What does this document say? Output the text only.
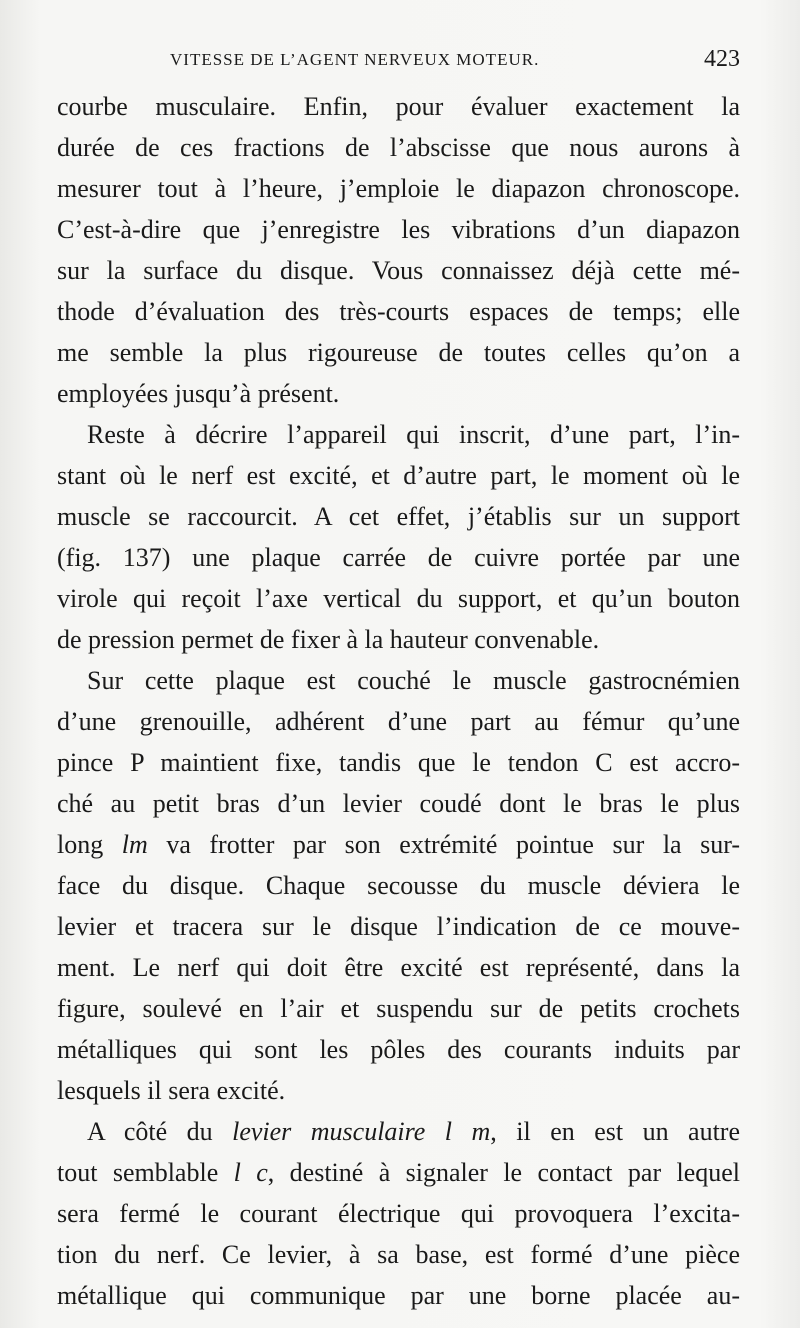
VITESSE DE L’AGENT NERVEUX MOTEUR.	423
courbe musculaire. Enfin, pour évaluer exactement la
durée de ces fractions de l’abscisse que nous aurons à
mesurer tout à l’heure, j’emploie le diapazon chronoscope.
C’est-à-dire que j’enregistre les vibrations d’un diapazon
sur la surface du disque. Vous connaissez déjà cette mé-
thode d’évaluation des très-courts espaces de temps; elle
me semble la plus rigoureuse de toutes celles qu’on a
employées jusqu’à présent.
Reste à décrire l’appareil qui inscrit, d’une part, l’in-
stant où le nerf est excité, et d’autre part, le moment où le
muscle se raccourcit. A cet effet, j’établis sur un support
(fig. 137) une plaque carrée de cuivre portée par une
virole qui reçoit l’axe vertical du support, et qu’un bouton
de pression permet de fixer à la hauteur convenable.
Sur cette plaque est couché le muscle gastrocnémien
d’une grenouille, adhérent d’une part au fémur qu’une
pince P maintient fixe, tandis que le tendon C est accro-
ché au petit bras d’un levier coudé dont le bras le plus
long lm va frotter par son extrémité pointue sur la sur-
face du disque. Chaque secousse du muscle déviera le
levier et tracera sur le disque l’indication de ce mouve-
ment. Le nerf qui doit être excité est représenté, dans la
figure, soulevé en l’air et suspendu sur de petits crochets
métalliques qui sont les pôles des courants induits par
lesquels il sera excité.
A côté du levier musculaire l m, il en est un autre
tout semblable l c, destiné à signaler le contact par lequel
sera fermé le courant électrique qui provoquera l’excita-
tion du nerf. Ce levier, à sa base, est formé d’une pièce
métallique qui communique par une borne placée au-
